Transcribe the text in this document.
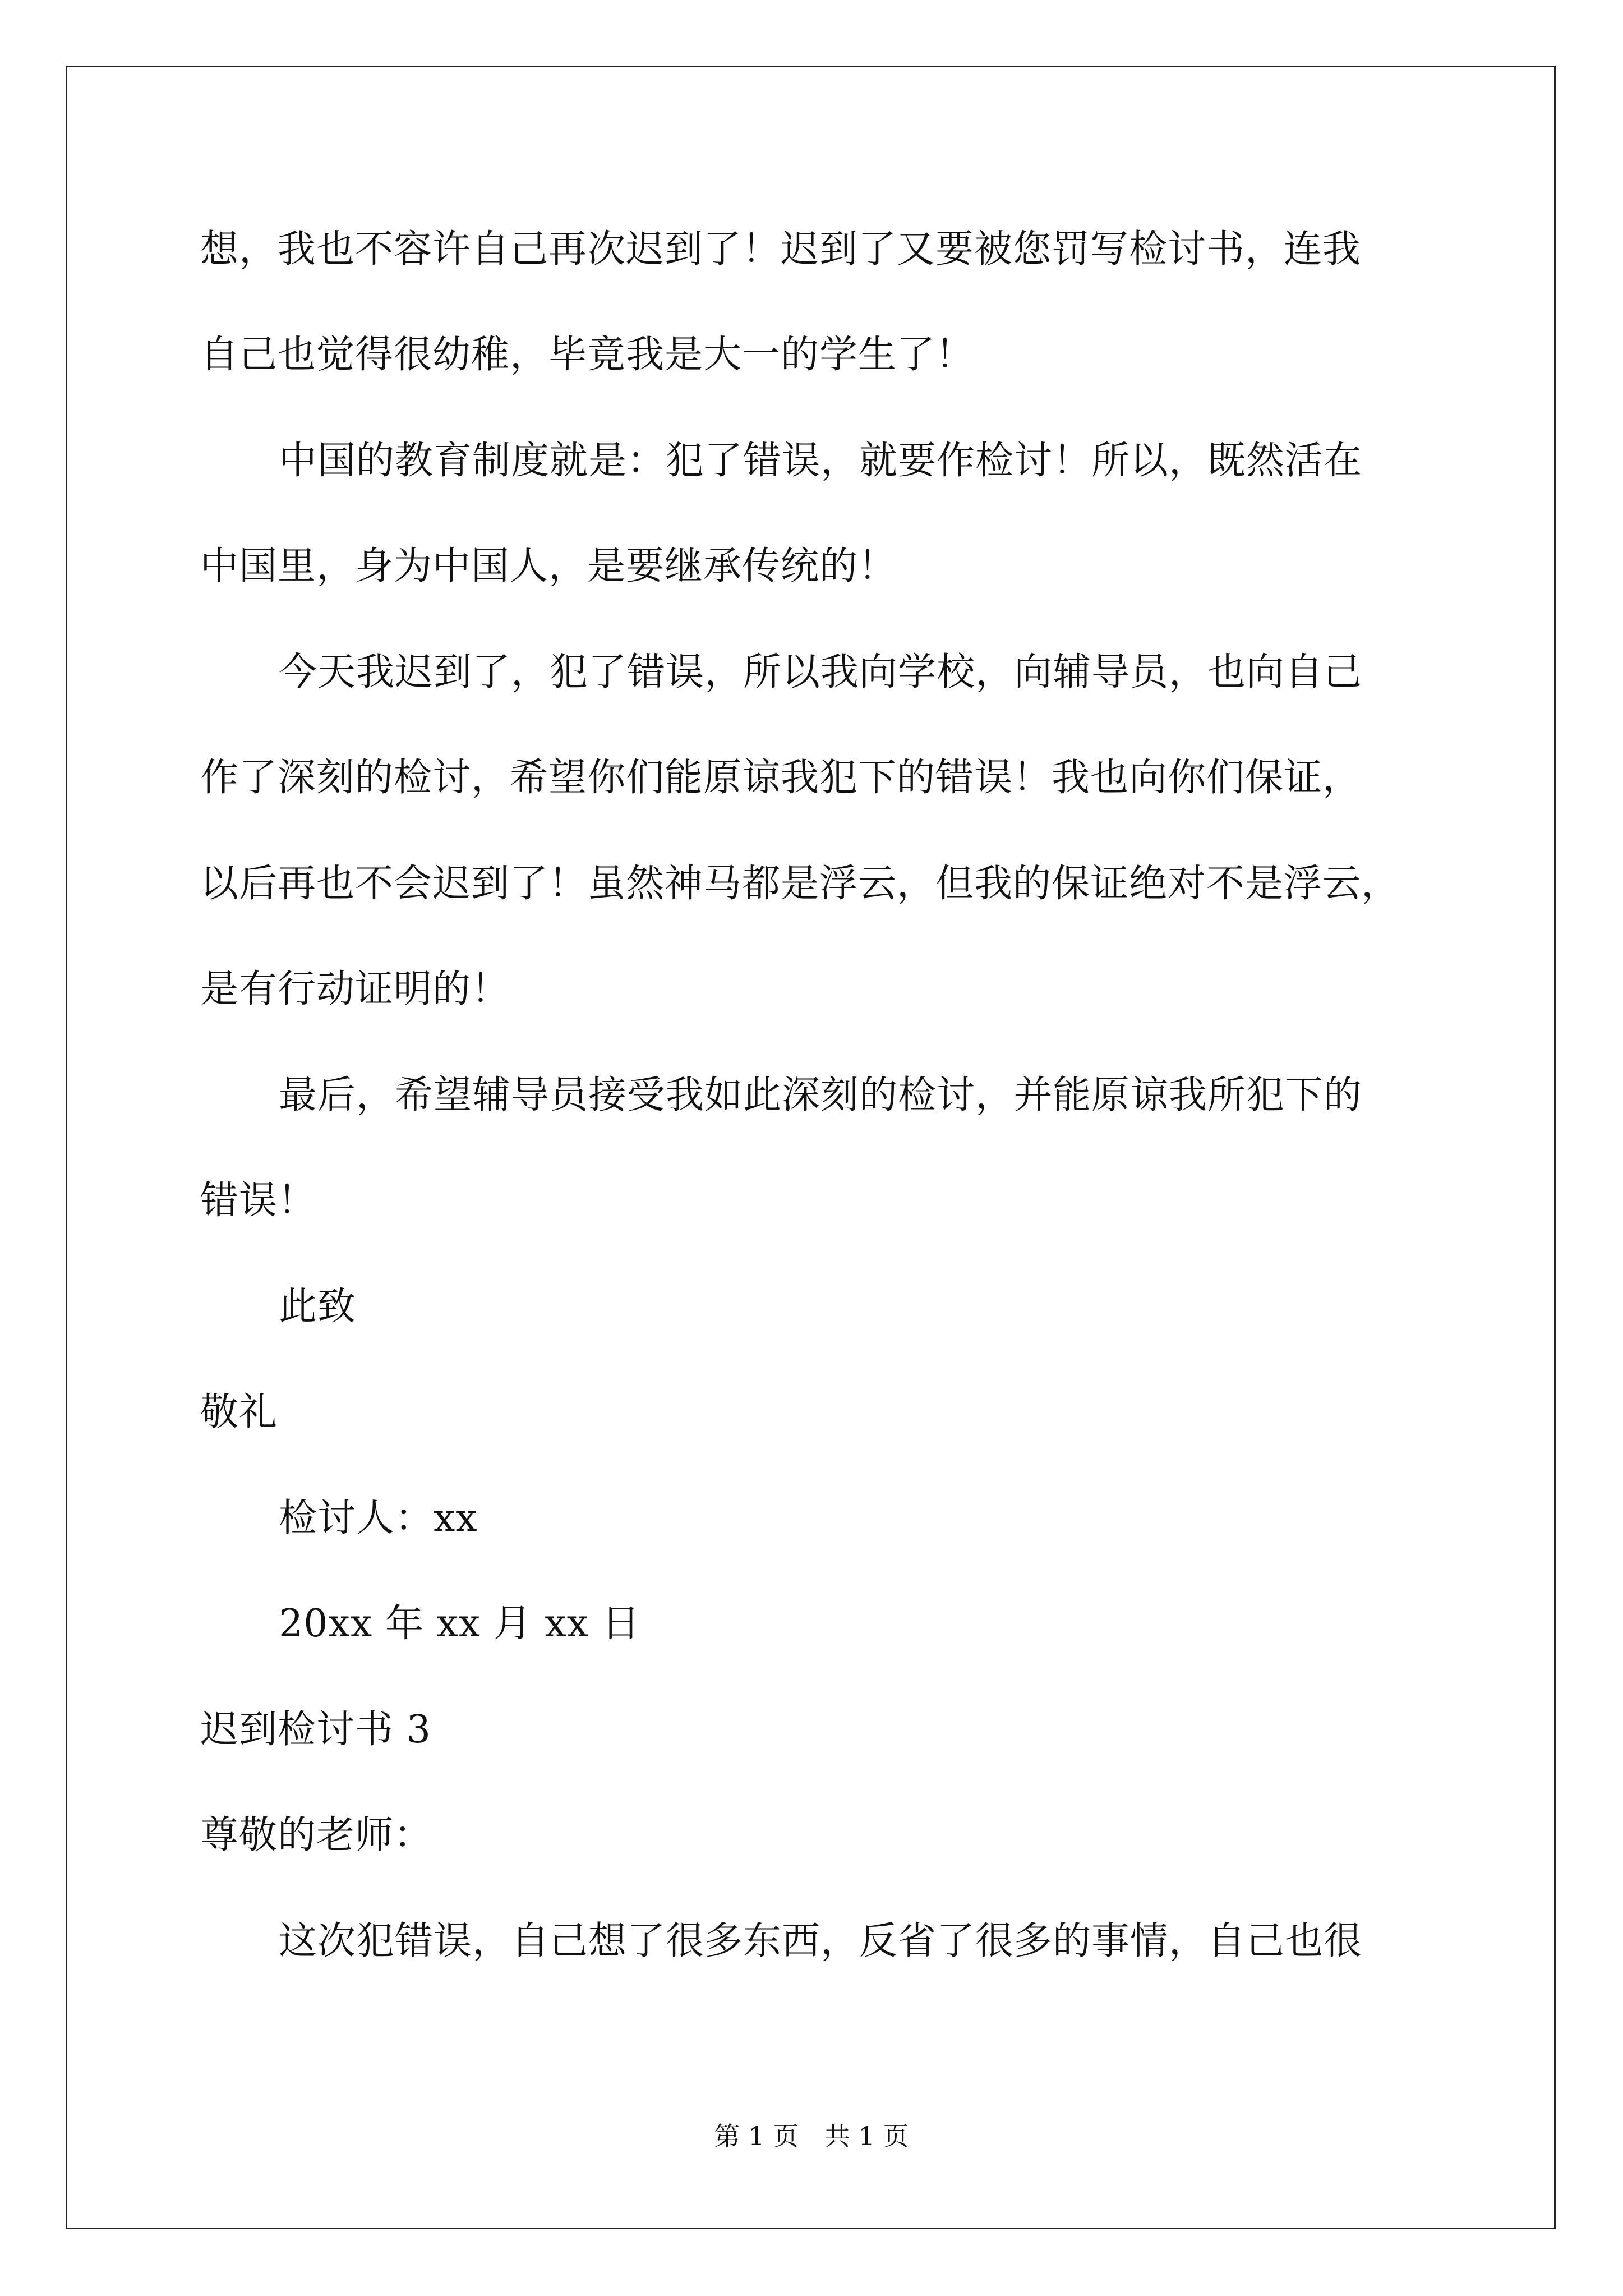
想，我也不容许自己再次迟到了！迟到了又要被您罚写检讨书，连我
自己也觉得很幼稚，毕竟我是大一的学生了！
中国的教育制度就是：犯了错误，就要作检讨！所以，既然活在
中国里，身为中国人，是要继承传统的！
今天我迟到了，犯了错误，所以我向学校，向辅导员，也向自己
作了深刻的检讨，希望你们能原谅我犯下的错误！我也向你们保证，
以后再也不会迟到了！虽然神马都是浮云，但我的保证绝对不是浮云，
是有行动证明的！
最后，希望辅导员接受我如此深刻的检讨，并能原谅我所犯下的
错误！
此致
敬礼
检讨人：xx
20xx 年 xx 月 xx 日
迟到检讨书 3
尊敬的老师：
这次犯错误，自己想了很多东西，反省了很多的事情，自己也很
第 1 页　共 1 页
